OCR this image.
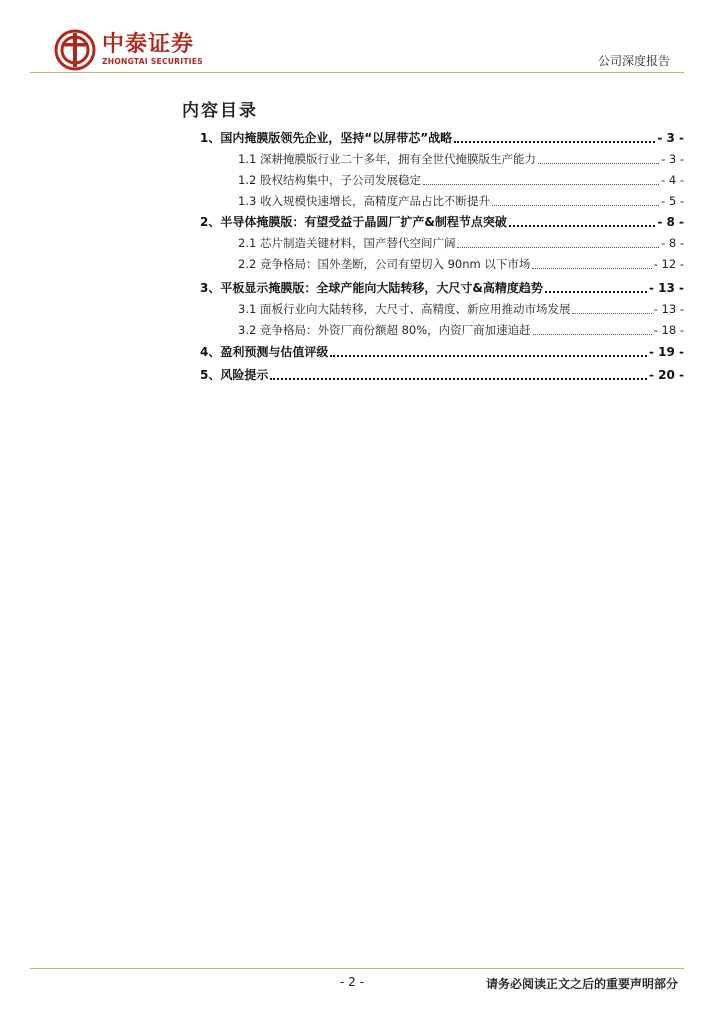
中泰证券
ZHONGTAI SECURITIES	公司深度报告
内容目录
1、国内掩膜版领先企业，坚持“以屏带芯”战略	- 3 -
1.1 深耕掩膜版行业二十多年，拥有全世代掩膜版生产能力	- 3 -
1.2 股权结构集中，子公司发展稳定	- 4 -
1.3 收入规模快速增长，高精度产品占比不断提升	- 5 -
2、半导体掩膜版：有望受益于晶圆厂扩产&制程节点突破	- 8 -
2.1 芯片制造关键材料，国产替代空间广阔	- 8 -
2.2 竞争格局：国外垄断，公司有望切入 90nm 以下市场	- 12 -
3、平板显示掩膜版：全球产能向大陆转移，大尺寸&高精度趋势	- 13 -
3.1 面板行业向大陆转移，大尺寸、高精度、新应用推动市场发展	- 13 -
3.2 竞争格局：外资厂商份额超 80%，内资厂商加速追赶	- 18 -
4、盈利预测与估值评级	- 19 -
5、风险提示	- 20 -
- 2 -	请务必阅读正文之后的重要声明部分
